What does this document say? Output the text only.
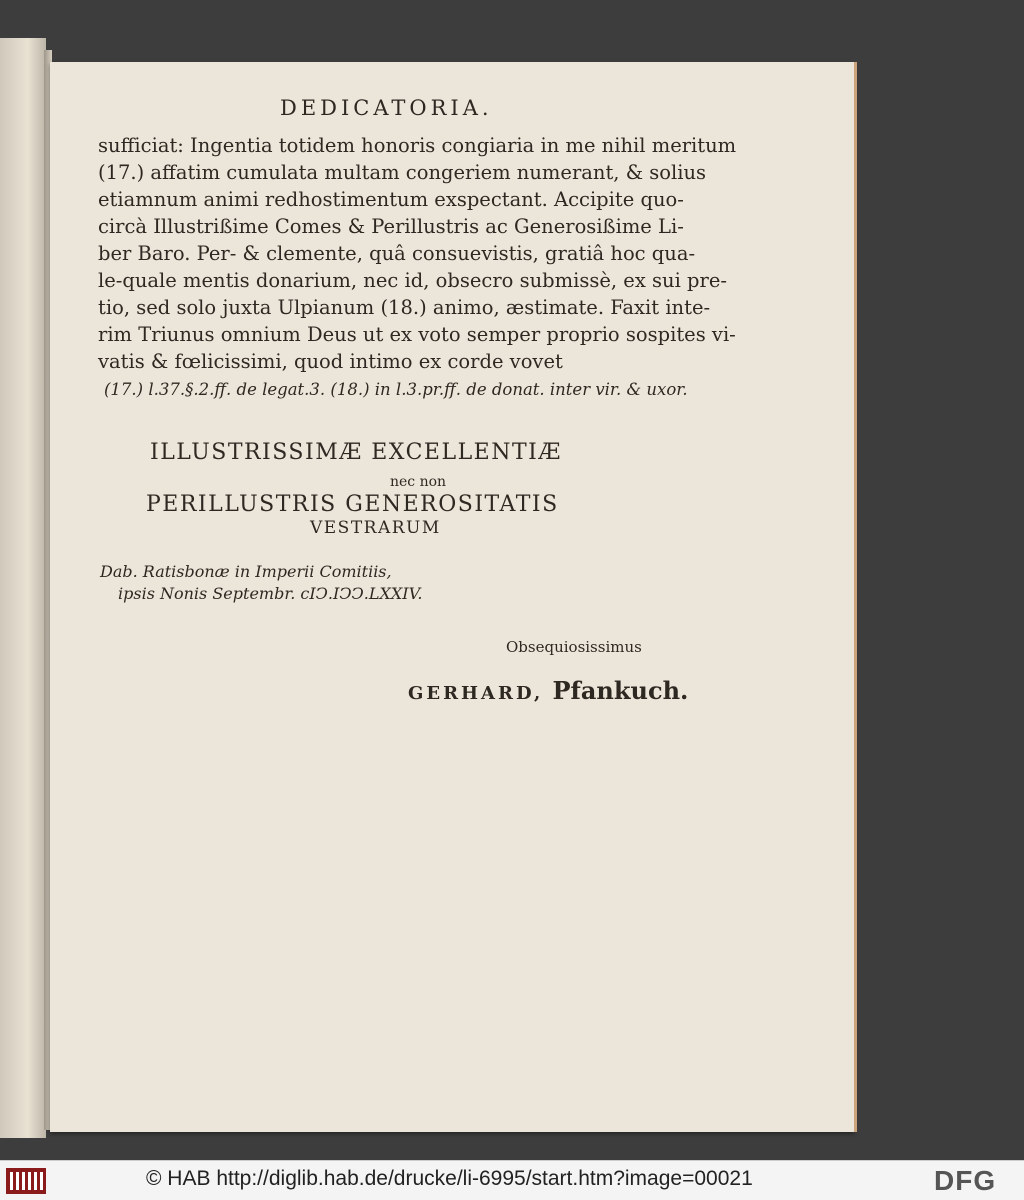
DEDICATORIA.
sufficiat: Ingentia totidem honoris congiaria in me nihil meritum
(17.) affatim cumulata multam congeriem numerant, & solius
etiamnum animi redhostimentum exspectant. Accipite quo-
circà Illustrißime Comes & Perillustris ac Generosißime Li-
ber Baro. Per- & clemente, quâ consuevistis, gratiâ hoc qua-
le-quale mentis donarium, nec id, obsecro submissè, ex sui pre-
tio, sed solo juxta Ulpianum (18.) animo, æstimate. Faxit inte-
rim Triunus omnium Deus ut ex voto semper proprio sospites vi-
vatis & fœlicissimi, quod intimo ex corde vovet
(17.) l.37.§.2.ff. de legat.3. (18.) in l.3.pr.ff. de donat. inter vir. & uxor.
ILLUSTRISSIMÆ EXCELLENTIÆ
nec non
PERILLUSTRIS GENEROSITATIS
VESTRARUM
Dab. Ratisbonæ in Imperii Comitiis,
ipsis Nonis Septembr. cIↃ.IↃↃ.LXXIV.
Obsequiosissimus
GERHARD, Pfankuch.
© HAB http://diglib.hab.de/drucke/li-6995/start.htm?image=00021	DFG
